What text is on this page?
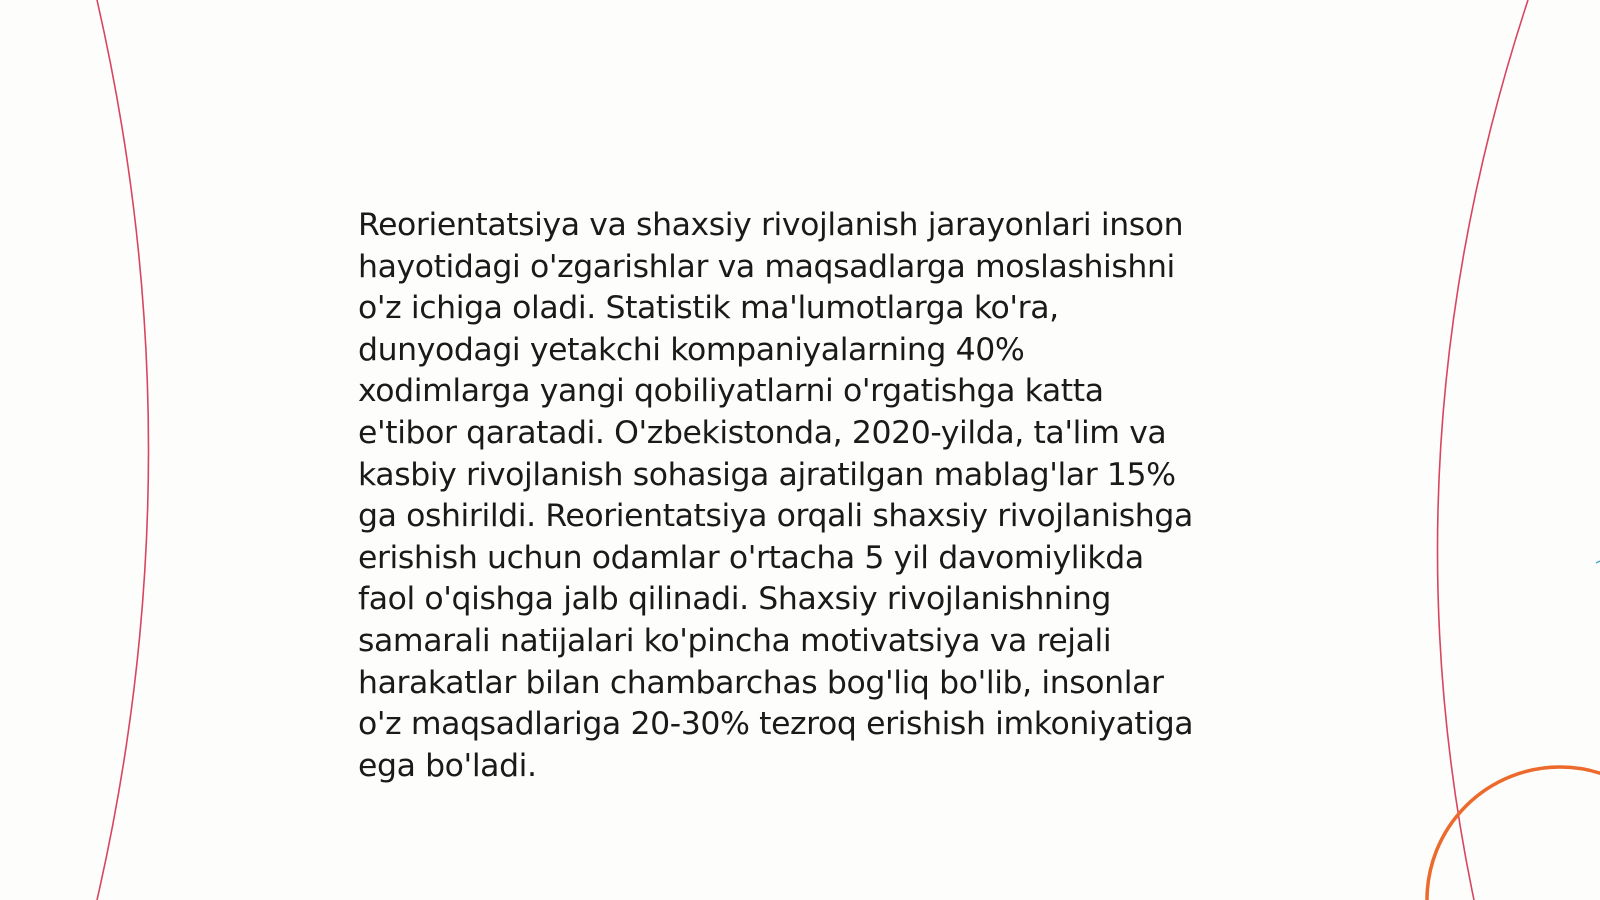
Reorientatsiya va shaxsiy rivojlanish jarayonlari inson
hayotidagi o'zgarishlar va maqsadlarga moslashishni
o'z ichiga oladi. Statistik ma'lumotlarga ko'ra,
dunyodagi yetakchi kompaniyalarning 40%
xodimlarga yangi qobiliyatlarni o'rgatishga katta
e'tibor qaratadi. O'zbekistonda, 2020-yilda, ta'lim va
kasbiy rivojlanish sohasiga ajratilgan mablag'lar 15%
ga oshirildi. Reorientatsiya orqali shaxsiy rivojlanishga
erishish uchun odamlar o'rtacha 5 yil davomiylikda
faol o'qishga jalb qilinadi. Shaxsiy rivojlanishning
samarali natijalari ko'pincha motivatsiya va rejali
harakatlar bilan chambarchas bog'liq bo'lib, insonlar
o'z maqsadlariga 20-30% tezroq erishish imkoniyatiga
ega bo'ladi.
